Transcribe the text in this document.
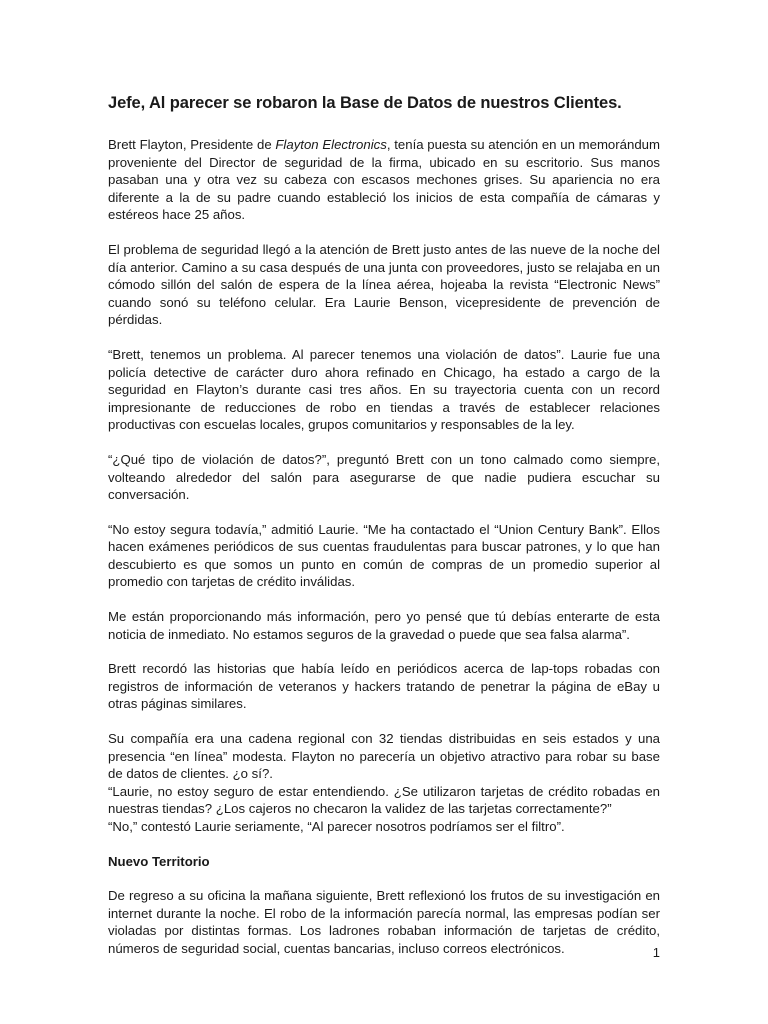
Jefe, Al parecer se robaron la Base de Datos de nuestros Clientes.

Brett Flayton, Presidente de Flayton Electronics, tenía puesta su atención en un memorándum proveniente del Director de seguridad de la firma, ubicado en su escritorio. Sus manos pasaban una y otra vez su cabeza con escasos mechones grises. Su apariencia no era diferente a la de su padre cuando estableció los inicios de esta compañía de cámaras y estéreos hace 25 años.

El problema de seguridad llegó a la atención de Brett justo antes de las nueve de la noche del día anterior. Camino a su casa después de una junta con proveedores, justo se relajaba en un cómodo sillón del salón de espera de la línea aérea, hojeaba la revista “Electronic News” cuando sonó su teléfono celular. Era Laurie Benson, vicepresidente de prevención de pérdidas.

“Brett, tenemos un problema. Al parecer tenemos una violación de datos”. Laurie fue una policía detective de carácter duro ahora refinado en Chicago, ha estado a cargo de la seguridad en Flayton’s durante casi tres años. En su trayectoria cuenta con un record impresionante de reducciones de robo en tiendas a través de establecer relaciones productivas con escuelas locales, grupos comunitarios y responsables de la ley.

“¿Qué tipo de violación de datos?”, preguntó Brett con un tono calmado como siempre, volteando alrededor del salón para asegurarse de que nadie pudiera escuchar su conversación.

“No estoy segura todavía,” admitió Laurie. “Me ha contactado el “Union Century Bank”. Ellos hacen exámenes periódicos de sus cuentas fraudulentas para buscar patrones, y lo que han descubierto es que somos un punto en común de compras de un promedio superior al promedio con tarjetas de crédito inválidas.

Me están proporcionando más información, pero yo pensé que tú debías enterarte de esta noticia de inmediato. No estamos seguros de la gravedad o puede que sea falsa alarma”.

Brett recordó las historias que había leído en periódicos acerca de lap-tops robadas con registros de información de veteranos y hackers tratando de penetrar la página de eBay u otras páginas similares.

Su compañía era una cadena regional con 32 tiendas distribuidas en seis estados y una presencia “en línea” modesta. Flayton no parecería un objetivo atractivo para robar su base de datos de clientes. ¿o sí?.

“Laurie, no estoy seguro de estar entendiendo. ¿Se utilizaron tarjetas de crédito robadas en nuestras tiendas? ¿Los cajeros no checaron la validez de las tarjetas correctamente?”

“No,” contestó Laurie seriamente, “Al parecer nosotros podríamos ser el filtro”.

Nuevo Territorio

De regreso a su oficina la mañana siguiente, Brett reflexionó los frutos de su investigación en internet durante la noche. El robo de la información parecía normal, las empresas podían ser violadas por distintas formas. Los ladrones robaban información de tarjetas de crédito, números de seguridad social, cuentas bancarias, incluso correos electrónicos.	1
